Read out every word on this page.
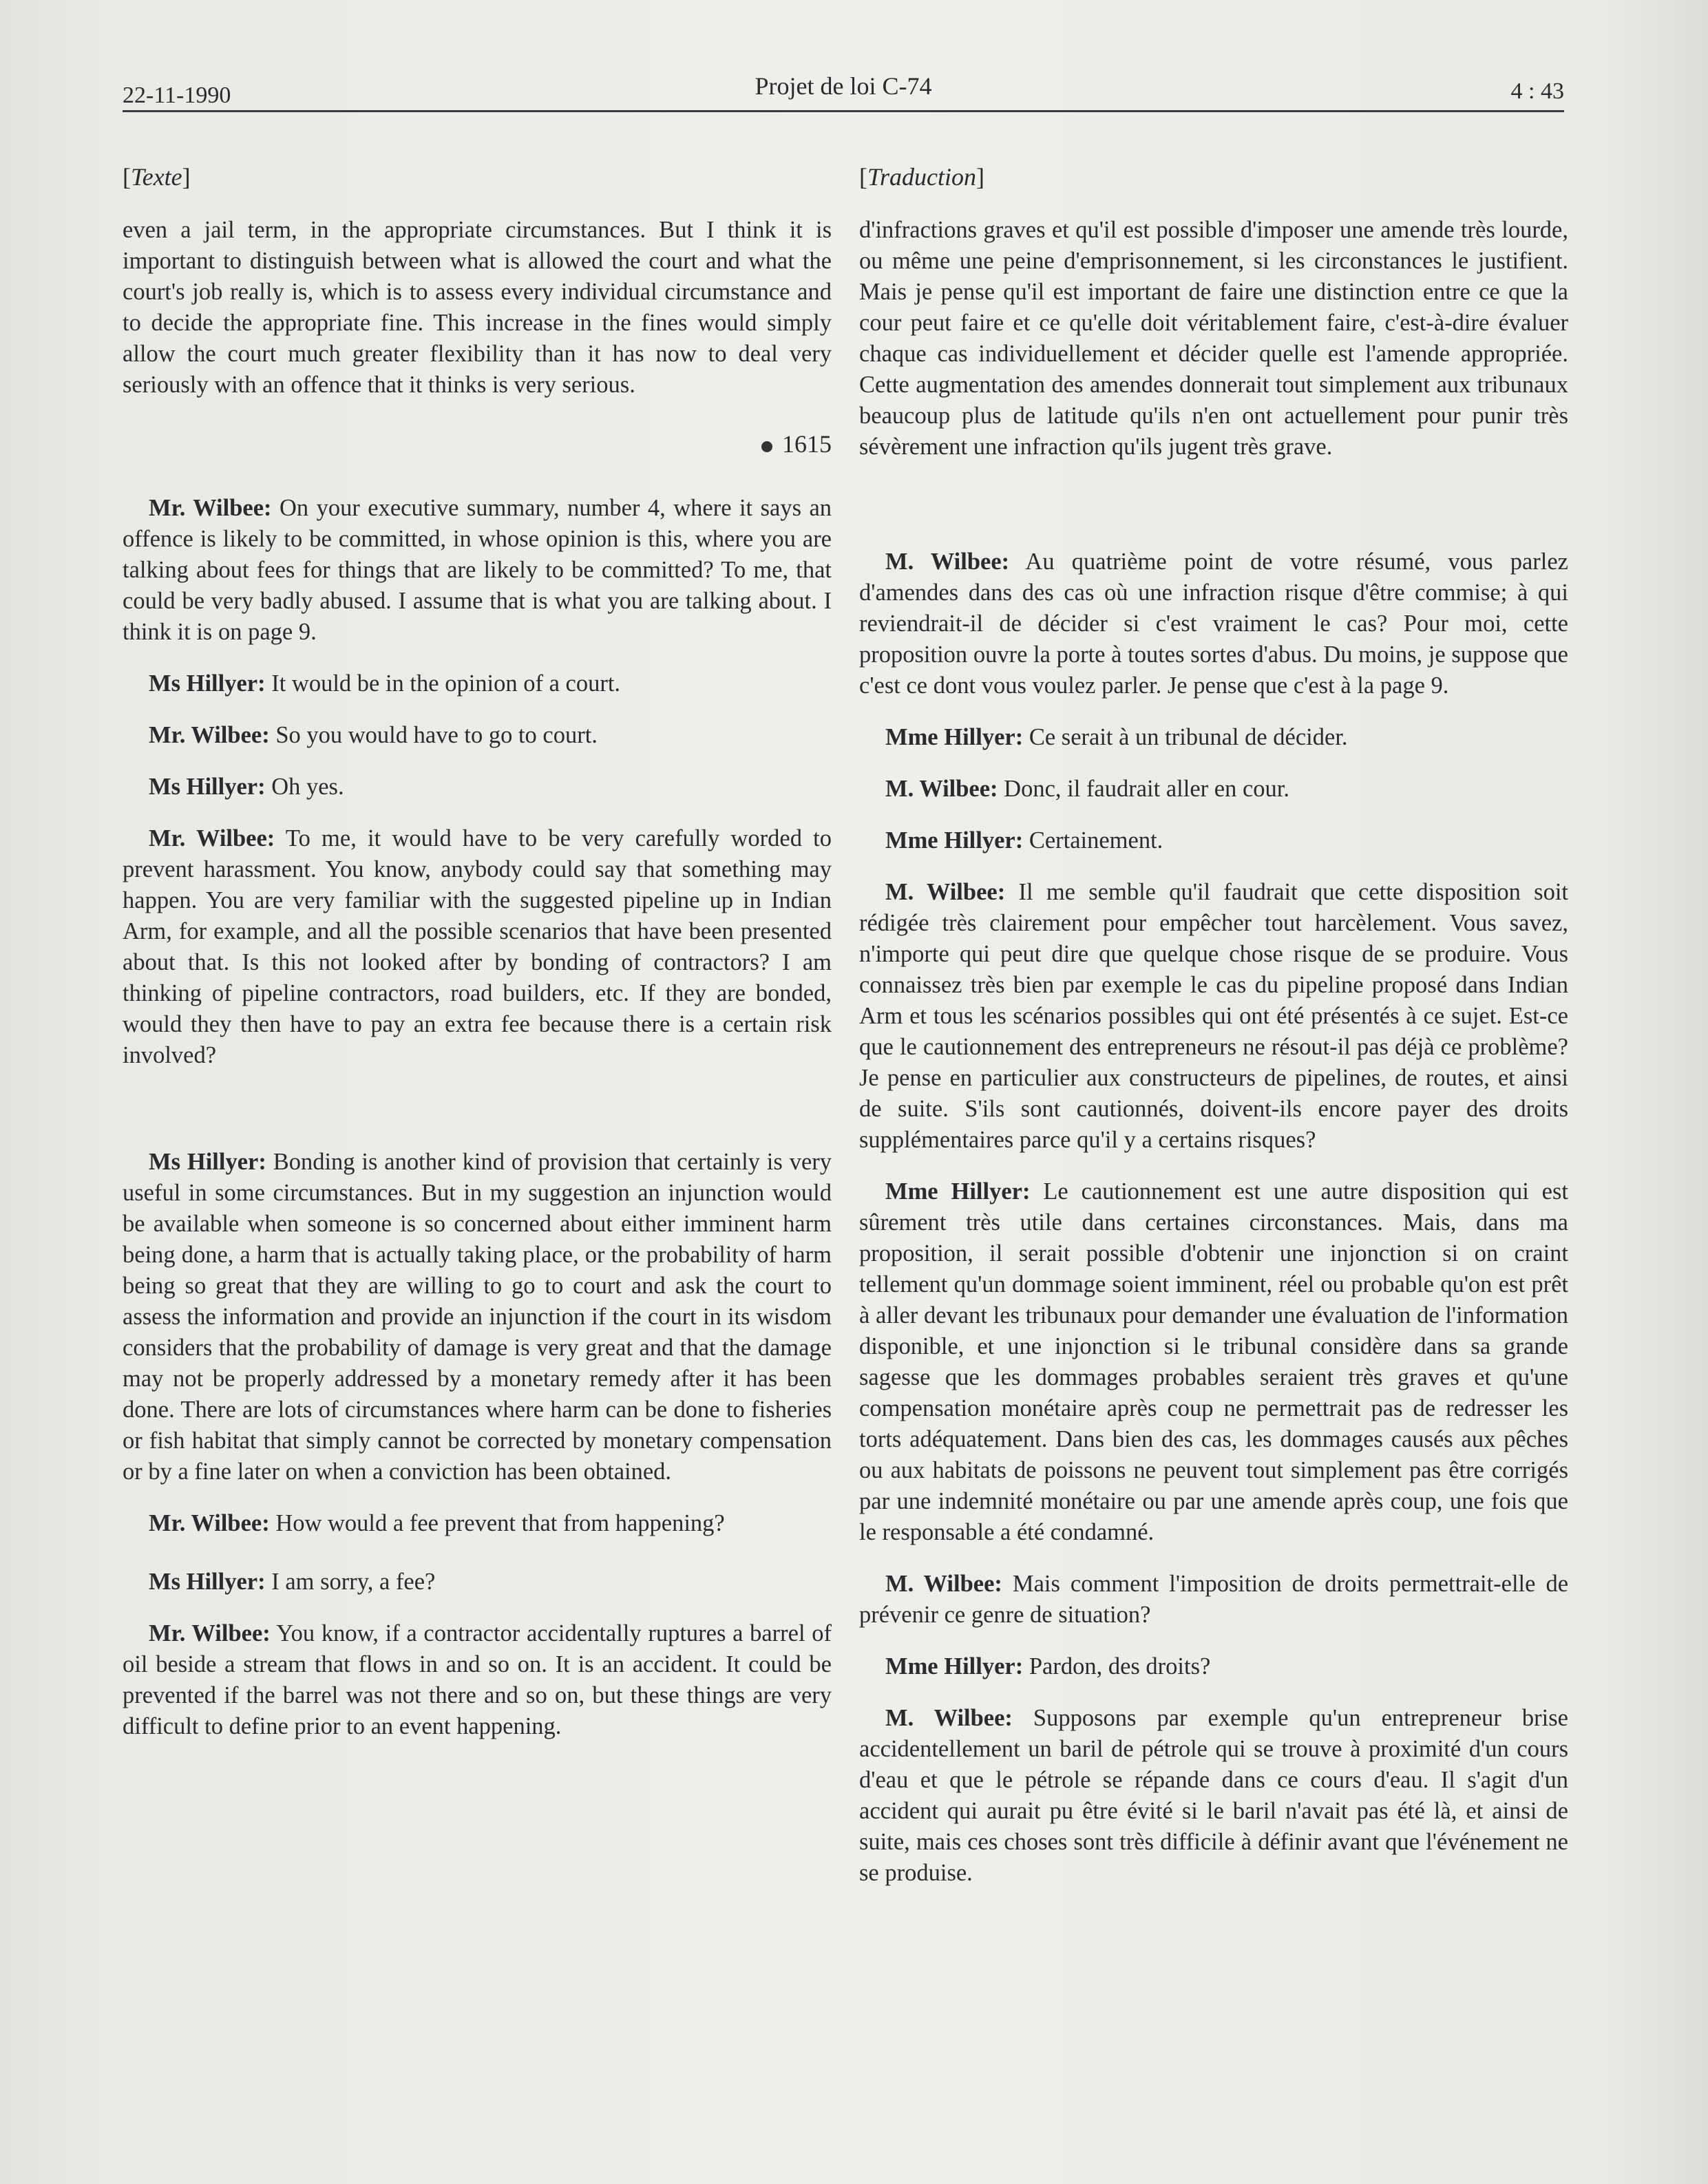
22-11-1990	Projet de loi C-74	4 : 43
[Texte]

even a jail term, in the appropriate circumstances. But I think it is important to distinguish between what is allowed the court and what the court's job really is, which is to assess every individual circumstance and to decide the appropriate fine. This increase in the fines would simply allow the court much greater flexibility than it has now to deal very seriously with an offence that it thinks is very serious.

1615

Mr. Wilbee: On your executive summary, number 4, where it says an offence is likely to be committed, in whose opinion is this, where you are talking about fees for things that are likely to be committed? To me, that could be very badly abused. I assume that is what you are talking about. I think it is on page 9.

Ms Hillyer: It would be in the opinion of a court.

Mr. Wilbee: So you would have to go to court.

Ms Hillyer: Oh yes.

Mr. Wilbee: To me, it would have to be very carefully worded to prevent harassment. You know, anybody could say that something may happen. You are very familiar with the suggested pipeline up in Indian Arm, for example, and all the possible scenarios that have been presented about that. Is this not looked after by bonding of contractors? I am thinking of pipeline contractors, road builders, etc. If they are bonded, would they then have to pay an extra fee because there is a certain risk involved?

Ms Hillyer: Bonding is another kind of provision that certainly is very useful in some circumstances. But in my suggestion an injunction would be available when someone is so concerned about either imminent harm being done, a harm that is actually taking place, or the probability of harm being so great that they are willing to go to court and ask the court to assess the information and provide an injunction if the court in its wisdom considers that the probability of damage is very great and that the damage may not be properly addressed by a monetary remedy after it has been done. There are lots of circumstances where harm can be done to fisheries or fish habitat that simply cannot be corrected by monetary compensation or by a fine later on when a conviction has been obtained.

Mr. Wilbee: How would a fee prevent that from happening?

Ms Hillyer: I am sorry, a fee?

Mr. Wilbee: You know, if a contractor accidentally ruptures a barrel of oil beside a stream that flows in and so on. It is an accident. It could be prevented if the barrel was not there and so on, but these things are very difficult to define prior to an event happening.

[Traduction]

d'infractions graves et qu'il est possible d'imposer une amende très lourde, ou même une peine d'emprisonnement, si les circonstances le justifient. Mais je pense qu'il est important de faire une distinction entre ce que la cour peut faire et ce qu'elle doit véritablement faire, c'est-à-dire évaluer chaque cas individuellement et décider quelle est l'amende appropriée. Cette augmentation des amendes donnerait tout simplement aux tribunaux beaucoup plus de latitude qu'ils n'en ont actuellement pour punir très sévèrement une infraction qu'ils jugent très grave.

M. Wilbee: Au quatrième point de votre résumé, vous parlez d'amendes dans des cas où une infraction risque d'être commise; à qui reviendrait-il de décider si c'est vraiment le cas? Pour moi, cette proposition ouvre la porte à toutes sortes d'abus. Du moins, je suppose que c'est ce dont vous voulez parler. Je pense que c'est à la page 9.

Mme Hillyer: Ce serait à un tribunal de décider.

M. Wilbee: Donc, il faudrait aller en cour.

Mme Hillyer: Certainement.

M. Wilbee: Il me semble qu'il faudrait que cette disposition soit rédigée très clairement pour empêcher tout harcèlement. Vous savez, n'importe qui peut dire que quelque chose risque de se produire. Vous connaissez très bien par exemple le cas du pipeline proposé dans Indian Arm et tous les scénarios possibles qui ont été présentés à ce sujet. Est-ce que le cautionnement des entrepreneurs ne résout-il pas déjà ce problème? Je pense en particulier aux constructeurs de pipelines, de routes, et ainsi de suite. S'ils sont cautionnés, doivent-ils encore payer des droits supplémentaires parce qu'il y a certains risques?

Mme Hillyer: Le cautionnement est une autre disposition qui est sûrement très utile dans certaines circonstances. Mais, dans ma proposition, il serait possible d'obtenir une injonction si on craint tellement qu'un dommage soient imminent, réel ou probable qu'on est prêt à aller devant les tribunaux pour demander une évaluation de l'information disponible, et une injonction si le tribunal considère dans sa grande sagesse que les dommages probables seraient très graves et qu'une compensation monétaire après coup ne permettrait pas de redresser les torts adéquatement. Dans bien des cas, les dommages causés aux pêches ou aux habitats de poissons ne peuvent tout simplement pas être corrigés par une indemnité monétaire ou par une amende après coup, une fois que le responsable a été condamné.

M. Wilbee: Mais comment l'imposition de droits permettrait-elle de prévenir ce genre de situation?

Mme Hillyer: Pardon, des droits?

M. Wilbee: Supposons par exemple qu'un entrepreneur brise accidentellement un baril de pétrole qui se trouve à proximité d'un cours d'eau et que le pétrole se répande dans ce cours d'eau. Il s'agit d'un accident qui aurait pu être évité si le baril n'avait pas été là, et ainsi de suite, mais ces choses sont très difficile à définir avant que l'événement ne se produise.
